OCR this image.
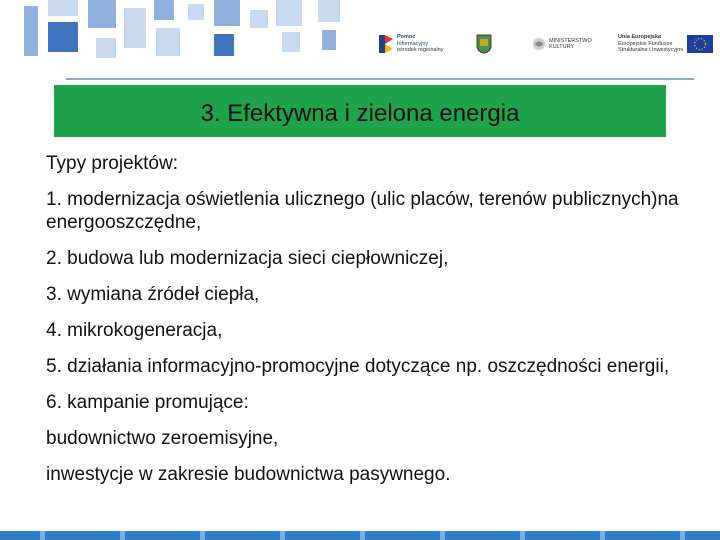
Pomoc
Informacyjny
ośrodek regionalny
MINISTERSTWO
KULTURY
Unia Europejska
Europejskie Fundusze
Strukturalne i Inwestycyjne
3. Efektywna i zielona energia
Typy projektów:
1. modernizacja oświetlenia ulicznego (ulic placów, terenów publicznych)na energooszczędne,
2. budowa lub modernizacja sieci ciepłowniczej,
3. wymiana źródeł ciepła,
4. mikrokogeneracja,
5. działania informacyjno-promocyjne dotyczące np. oszczędności energii,
6. kampanie promujące:
budownictwo zeroemisyjne,
inwestycje w zakresie budownictwa pasywnego.
